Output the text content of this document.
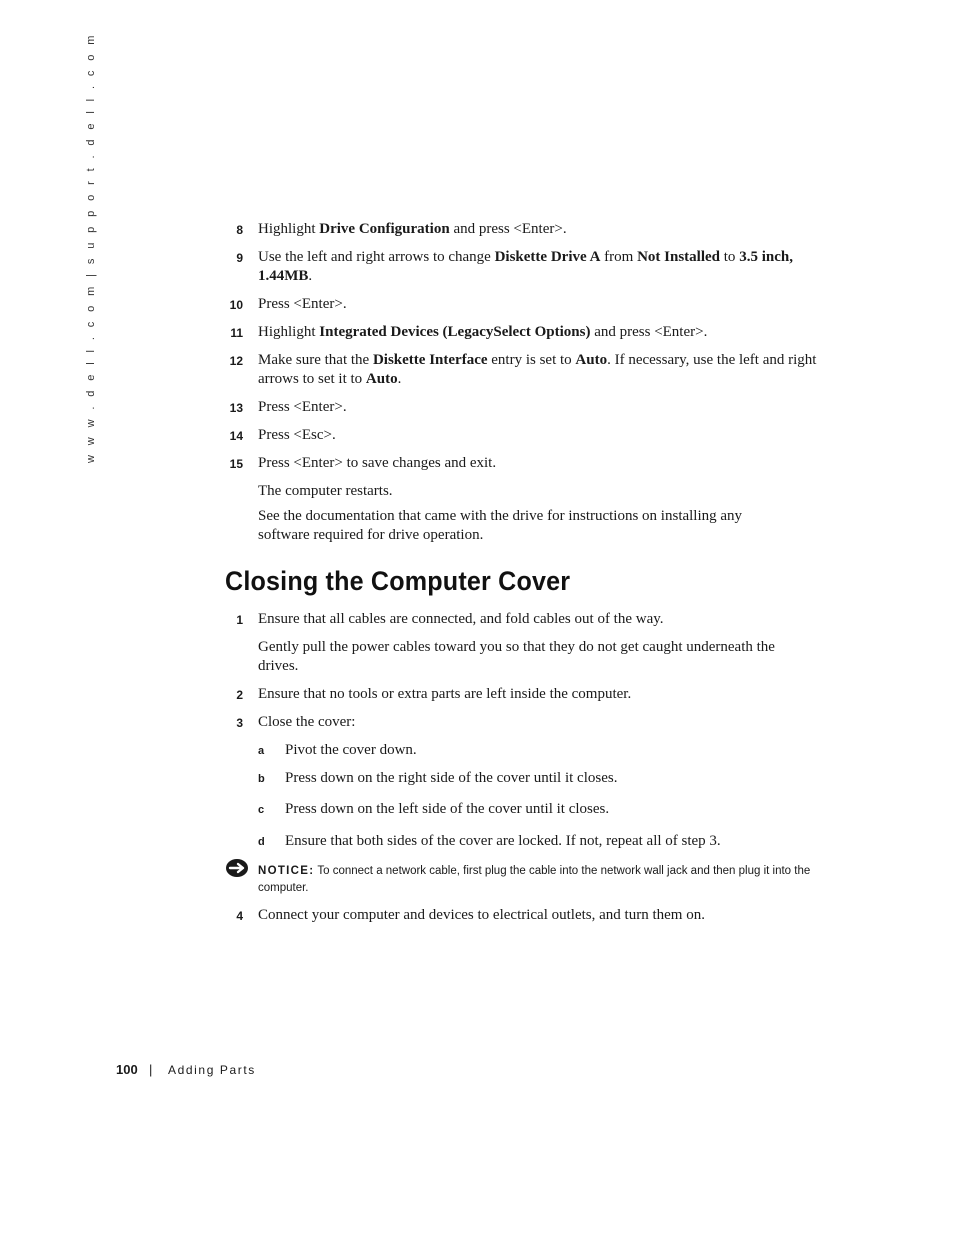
w w w . d e l l . c o m | s u p p o r t . d e l l . c o m	8 Highlight Drive Configuration and press <Enter>.
9 Use the left and right arrows to change Diskette Drive A from Not Installed to 3.5 inch, 1.44MB.
10 Press <Enter>.
11 Highlight Integrated Devices (LegacySelect Options) and press <Enter>.
12 Make sure that the Diskette Interface entry is set to Auto. If necessary, use the left and right arrows to set it to Auto.
13 Press <Enter>.
14 Press <Esc>.
15 Press <Enter> to save changes and exit.
The computer restarts.
See the documentation that came with the drive for instructions on installing any software required for drive operation.
Closing the Computer Cover
1 Ensure that all cables are connected, and fold cables out of the way.
Gently pull the power cables toward you so that they do not get caught underneath the drives.
2 Ensure that no tools or extra parts are left inside the computer.
3 Close the cover:
a Pivot the cover down.
b Press down on the right side of the cover until it closes.
c Press down on the left side of the cover until it closes.
d Ensure that both sides of the cover are locked. If not, repeat all of step 3.
NOTICE: To connect a network cable, first plug the cable into the network wall jack and then plug it into the computer.
4 Connect your computer and devices to electrical outlets, and turn them on.
100 | Adding Parts
